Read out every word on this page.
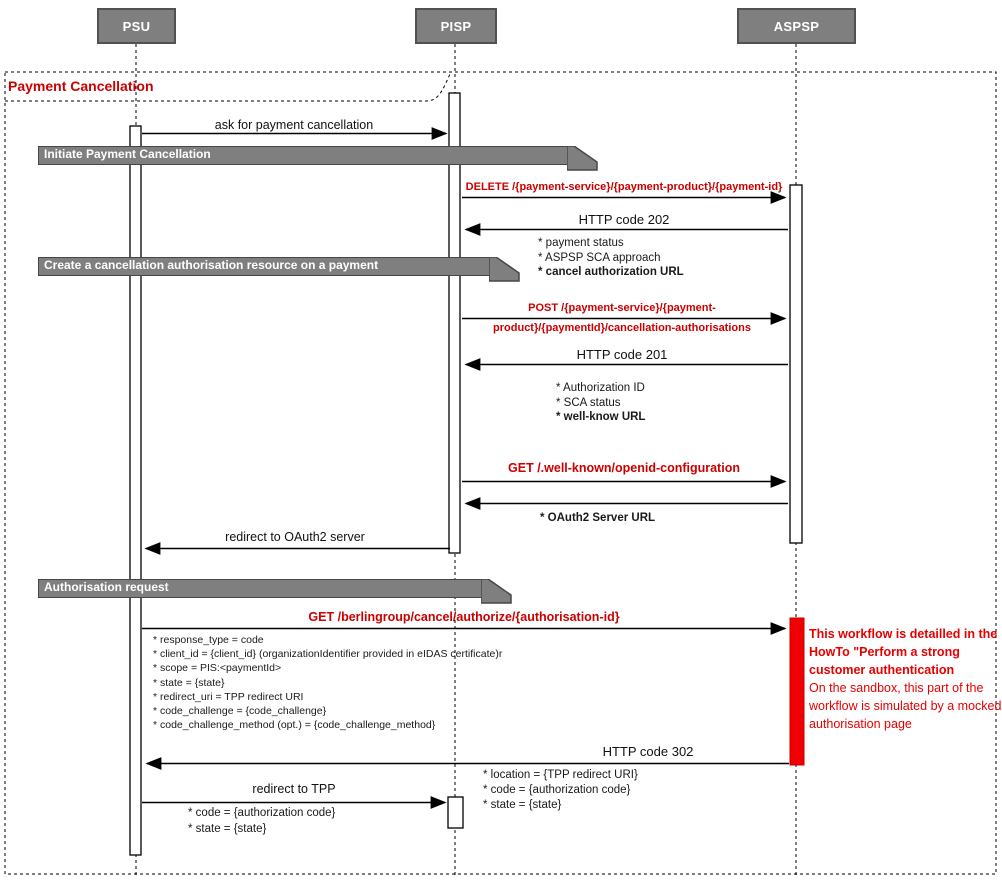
PSU	PISP	ASPSP
Payment Cancellation
Initiate Payment Cancellation
Create a cancellation authorisation resource on a payment
Authorisation request
ask for payment cancellation
DELETE /{payment-service}/{payment-product}/{payment-id}
HTTP code 202
* payment status
* ASPSP SCA approach
* cancel authorization URL
POST /{payment-service}/{payment-
product}/{paymentId}/cancellation-authorisations
HTTP code 201
* Authorization ID
* SCA status
* well-know URL
GET /.well-known/openid-configuration
* OAuth2 Server URL
redirect to OAuth2 server
GET /berlingroup/cancel/authorize/{authorisation-id}
* response_type = code
* client_id = {client_id} (organizationIdentifier provided in eIDAS certificate)r
* scope = PIS:<paymentId>
* state = {state}
* redirect_uri = TPP redirect URI
* code_challenge = {code_challenge}
* code_challenge_method (opt.) = {code_challenge_method}
HTTP code 302
* location = {TPP redirect URI}
* code = {authorization code}
* state = {state}
redirect to TPP
* code = {authorization code}
* state = {state}
This workflow is detailled in the HowTo "Perform a strong customer authentication
On the sandbox, this part of the workflow is simulated by a mocked authorisation page
